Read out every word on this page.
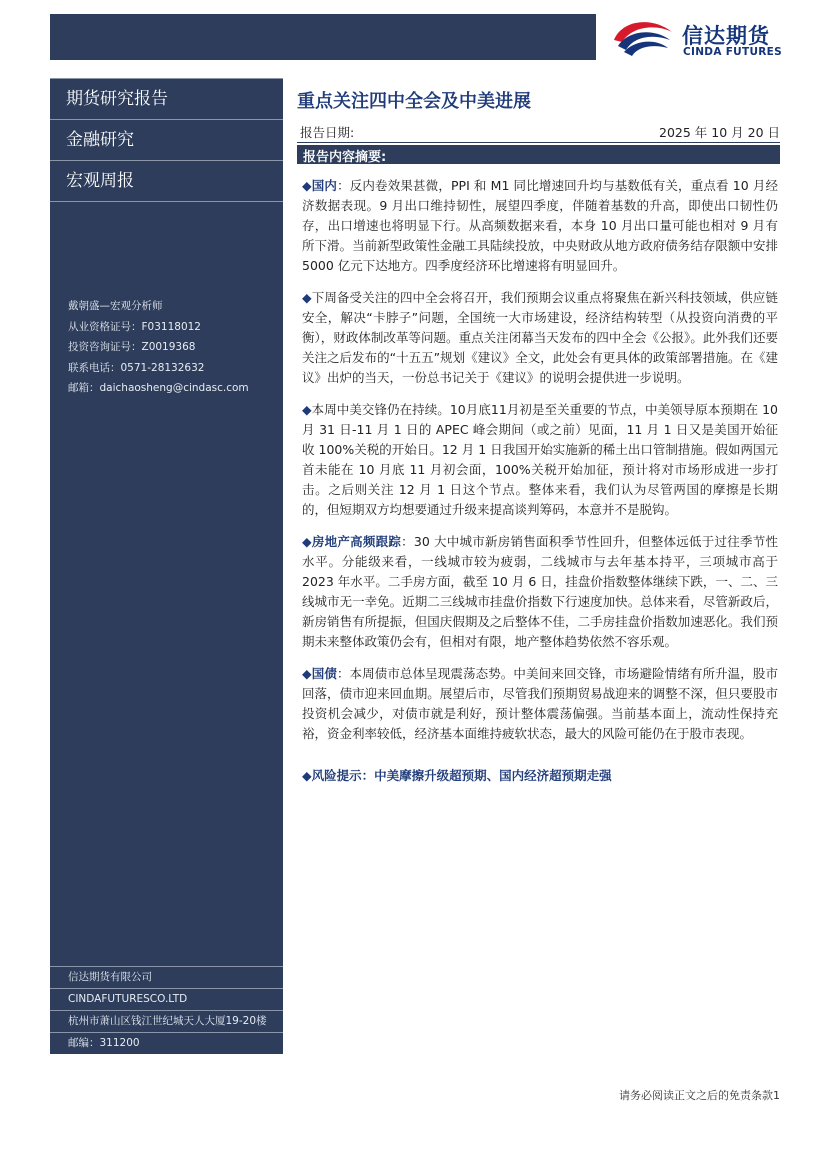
信达期货
CINDA FUTURES
期货研究报告
金融研究
宏观周报
戴朝盛—宏观分析师
从业资格证号：F03118012
投资咨询证号：Z0019368
联系电话：0571-28132632
邮箱：daichaosheng@cindasc.com
信达期货有限公司
CINDAFUTURESCO.LTD
杭州市萧山区钱江世纪城天人大厦19-20楼
邮编：311200
重点关注四中全会及中美进展
报告日期:	2025 年 10 月 20 日
报告内容摘要:

◆国内：反内卷效果甚微，PPI 和 M1 同比增速回升均与基数低有关，重点看 10 月经济数据表现。9 月出口维持韧性，展望四季度，伴随着基数的升高，即使出口韧性仍存，出口增速也将明显下行。从高频数据来看，本身 10 月出口量可能也相对 9 月有所下滑。当前新型政策性金融工具陆续投放，中央财政从地方政府债务结存限额中安排 5000 亿元下达地方。四季度经济环比增速将有明显回升。

◆下周备受关注的四中全会将召开，我们预期会议重点将聚焦在新兴科技领域，供应链安全，解决“卡脖子”问题，全国统一大市场建设，经济结构转型（从投资向消费的平衡），财政体制改革等问题。重点关注闭幕当天发布的四中全会《公报》。此外我们还要关注之后发布的“十五五”规划《建议》全文，此处会有更具体的政策部署措施。在《建议》出炉的当天，一份总书记关于《建议》的说明会提供进一步说明。

◆本周中美交锋仍在持续。10月底11月初是至关重要的节点，中美领导原本预期在 10 月 31 日-11 月 1 日的 APEC 峰会期间（或之前）见面，11 月 1 日又是美国开始征收 100%关税的开始日。12 月 1 日我国开始实施新的稀土出口管制措施。假如两国元首未能在 10 月底 11 月初会面，100%关税开始加征，预计将对市场形成进一步打击。之后则关注 12 月 1 日这个节点。整体来看，我们认为尽管两国的摩擦是长期的，但短期双方均想要通过升级来提高谈判筹码，本意并不是脱钩。

◆房地产高频跟踪：30 大中城市新房销售面积季节性回升，但整体远低于过往季节性水平。分能级来看，一线城市较为疲弱，二线城市与去年基本持平，三项城市高于 2023 年水平。二手房方面，截至 10 月 6 日，挂盘价指数整体继续下跌，一、二、三线城市无一幸免。近期二三线城市挂盘价指数下行速度加快。总体来看，尽管新政后，新房销售有所提振，但国庆假期及之后整体不佳，二手房挂盘价指数加速恶化。我们预期未来整体政策仍会有，但相对有限，地产整体趋势依然不容乐观。

◆国债：本周债市总体呈现震荡态势。中美间来回交锋，市场避险情绪有所升温，股市回落，债市迎来回血期。展望后市，尽管我们预期贸易战迎来的调整不深，但只要股市投资机会减少，对债市就是利好，预计整体震荡偏强。当前基本面上，流动性保持充裕，资金利率较低，经济基本面维持疲软状态，最大的风险可能仍在于股市表现。

◆风险提示：中美摩擦升级超预期、国内经济超预期走强
请务必阅读正文之后的免责条款1
